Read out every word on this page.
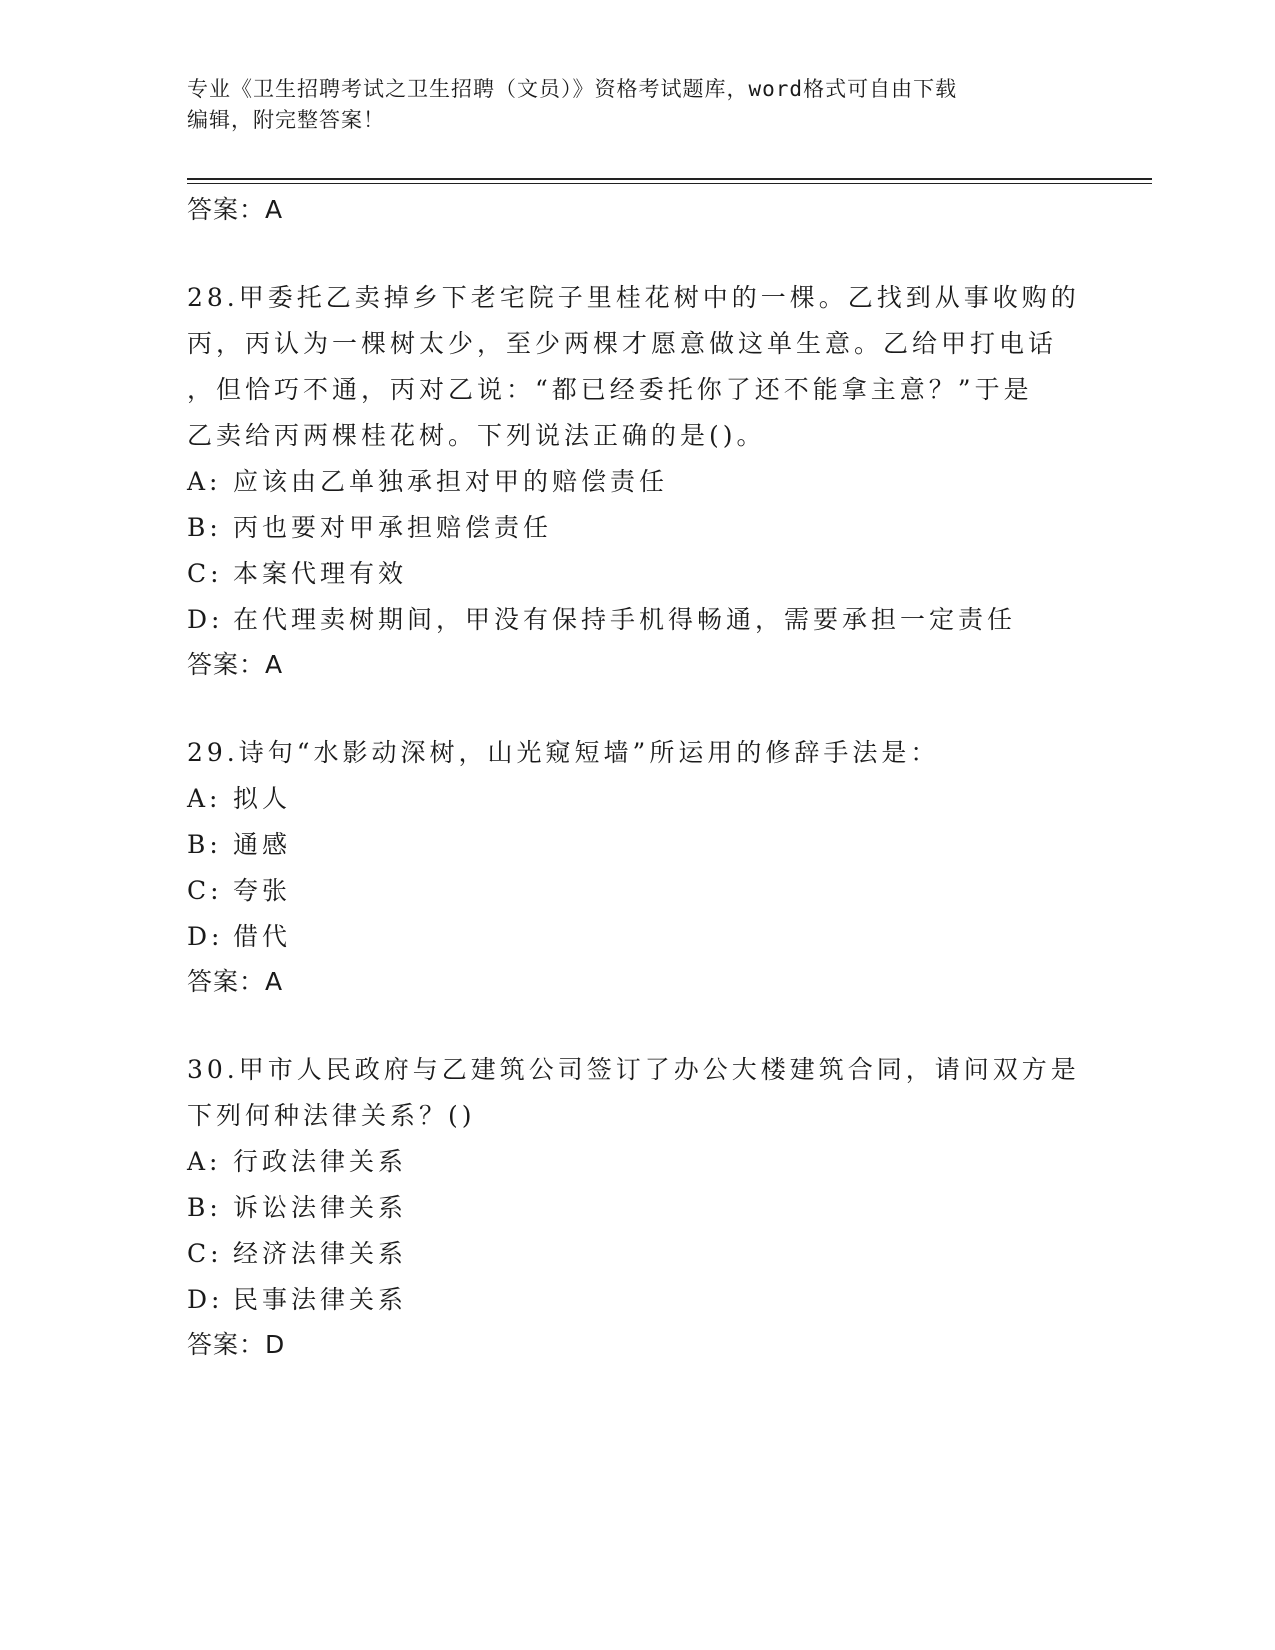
专业《卫生招聘考试之卫生招聘（文员）》资格考试题库，word格式可自由下载
编辑，附完整答案！
答案：A
28.甲委托乙卖掉乡下老宅院子里桂花树中的一棵。乙找到从事收购的
丙，丙认为一棵树太少，至少两棵才愿意做这单生意。乙给甲打电话
，但恰巧不通，丙对乙说：“都已经委托你了还不能拿主意？”于是
乙卖给丙两棵桂花树。下列说法正确的是()。
A: 应该由乙单独承担对甲的赔偿责任
B: 丙也要对甲承担赔偿责任
C: 本案代理有效
D: 在代理卖树期间，甲没有保持手机得畅通，需要承担一定责任
答案：A
29.诗句“水影动深树，山光窥短墙”所运用的修辞手法是：
A: 拟人
B: 通感
C: 夸张
D: 借代
答案：A
30.甲市人民政府与乙建筑公司签订了办公大楼建筑合同，请问双方是
下列何种法律关系？()
A: 行政法律关系
B: 诉讼法律关系
C: 经济法律关系
D: 民事法律关系
答案：D
